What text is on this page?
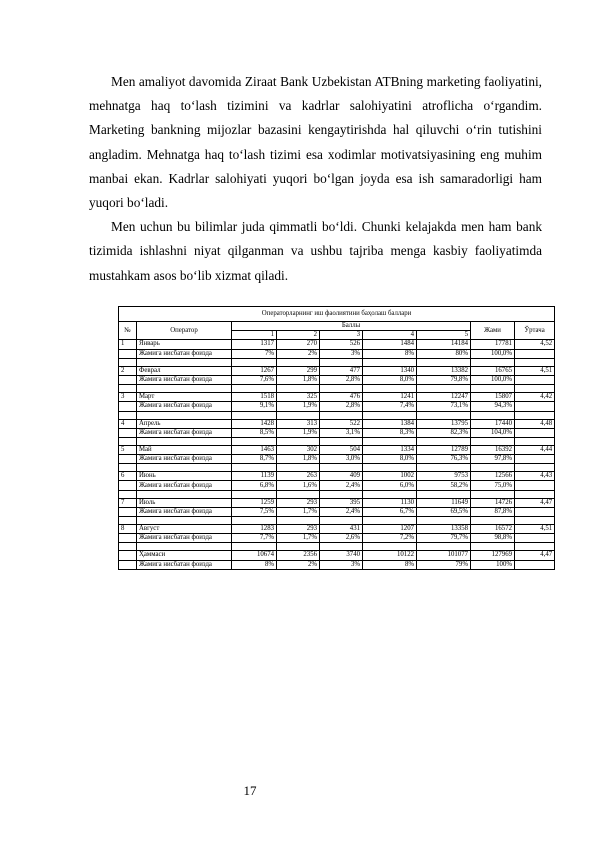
Men amaliyot davomida Ziraat Bank Uzbekistan ATBning marketing faoliyatini, mehnatga haq to‘lash tizimini va kadrlar salohiyatini atroflicha o‘rgandim. Marketing bankning mijozlar bazasini kengaytirishda hal qiluvchi o‘rin tutishini angladim. Mehnatga haq to‘lash tizimi esa xodimlar motivatsiyasining eng muhim manbai ekan. Kadrlar salohiyati yuqori bo‘lgan joyda esa ish samaradorligi ham yuqori bo‘ladi.

Men uchun bu bilimlar juda qimmatli bo‘ldi. Chunki kelajakda men ham bank tizimida ishlashni niyat qilganman va ushbu tajriba menga kasbiy faoliyatimda mustahkam asos bo‘lib xizmat qiladi.

Операторларнинг иш фаолиятини баҳолаш баллари								
№	Оператор	Баллы					Жами	Ўртача
		1	2	3	4	5		
1	Январь	1317	270	526	1484	14184	17781	4,52
	Жамига нисбатан фоизда	7%	2%	3%	8%	80%	100,0%	

2	Феврал	1267	299	477	1340	13382	16765	4,51
	Жамига нисбатан фоизда	7,6%	1,8%	2,8%	8,0%	79,8%	100,0%	

3	Март	1518	325	476	1241	12247	15807	4,42
	Жамига нисбатан фоизда	9,1%	1,9%	2,8%	7,4%	73,1%	94,3%	

4	Апрель	1428	313	522	1384	13795	17440	4,48
	Жамига нисбатан фоизда	8,5%	1,9%	3,1%	8,3%	82,3%	104,0%	

5	Май	1463	302	504	1334	12789	16392	4,44
	Жамига нисбатан фоизда	8,7%	1,8%	3,0%	8,0%	76,3%	97,8%	

6	Июнь	1139	263	409	1002	9753	12566	4,43
	Жамига нисбатан фоизда	6,8%	1,6%	2,4%	6,0%	58,2%	75,0%	

7	Июль	1259	293	395	1130	11649	14726	4,47
	Жамига нисбатан фоизда	7,5%	1,7%	2,4%	6,7%	69,5%	87,8%	

8	Август	1283	293	431	1207	13358	16572	4,51
	Жамига нисбатан фоизда	7,7%	1,7%	2,6%	7,2%	79,7%	98,8%	

	Ҳаммаси	10674	2356	3740	10122	101077	127969	4,47
	Жамига нисбатан фоизда	8%	2%	3%	8%	79%	100%	
17
